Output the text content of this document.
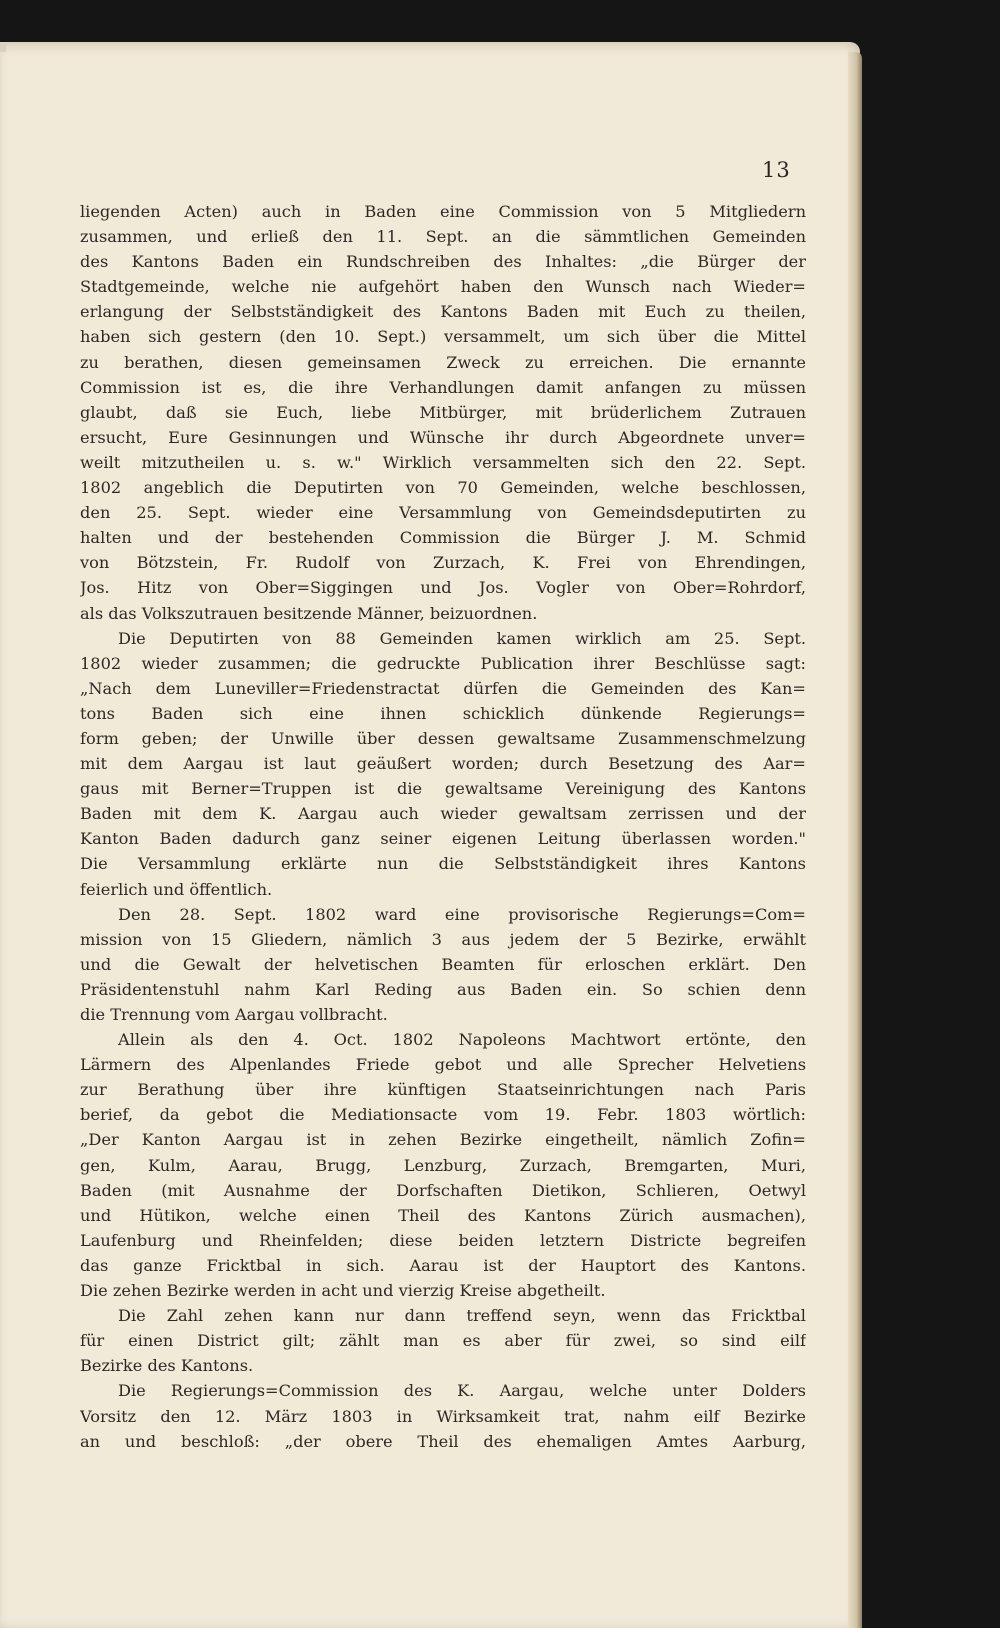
13
liegenden Acten) auch in Baden eine Commission von 5 Mitgliedern
zusammen, und erließ den 11. Sept. an die sämmtlichen Gemeinden
des Kantons Baden ein Rundschreiben des Inhaltes: „die Bürger der
Stadtgemeinde, welche nie aufgehört haben den Wunsch nach Wieder=
erlangung der Selbstständigkeit des Kantons Baden mit Euch zu theilen,
haben sich gestern (den 10. Sept.) versammelt, um sich über die Mittel
zu berathen, diesen gemeinsamen Zweck zu erreichen. Die ernannte
Commission ist es, die ihre Verhandlungen damit anfangen zu müssen
glaubt, daß sie Euch, liebe Mitbürger, mit brüderlichem Zutrauen
ersucht, Eure Gesinnungen und Wünsche ihr durch Abgeordnete unver=
weilt mitzutheilen u. s. w." Wirklich versammelten sich den 22. Sept.
1802 angeblich die Deputirten von 70 Gemeinden, welche beschlossen,
den 25. Sept. wieder eine Versammlung von Gemeindsdeputirten zu
halten und der bestehenden Commission die Bürger J. M. Schmid
von Bötzstein, Fr. Rudolf von Zurzach, K. Frei von Ehrendingen,
Jos. Hitz von Ober=Siggingen und Jos. Vogler von Ober=Rohrdorf,
als das Volkszutrauen besitzende Männer, beizuordnen.
Die Deputirten von 88 Gemeinden kamen wirklich am 25. Sept.
1802 wieder zusammen; die gedruckte Publication ihrer Beschlüsse sagt:
„Nach dem Luneviller=Friedenstractat dürfen die Gemeinden des Kan=
tons Baden sich eine ihnen schicklich dünkende Regierungs=
form geben; der Unwille über dessen gewaltsame Zusammenschmelzung
mit dem Aargau ist laut geäußert worden; durch Besetzung des Aar=
gaus mit Berner=Truppen ist die gewaltsame Vereinigung des Kantons
Baden mit dem K. Aargau auch wieder gewaltsam zerrissen und der
Kanton Baden dadurch ganz seiner eigenen Leitung überlassen worden."
Die Versammlung erklärte nun die Selbstständigkeit ihres Kantons
feierlich und öffentlich.
Den 28. Sept. 1802 ward eine provisorische Regierungs=Com=
mission von 15 Gliedern, nämlich 3 aus jedem der 5 Bezirke, erwählt
und die Gewalt der helvetischen Beamten für erloschen erklärt. Den
Präsidentenstuhl nahm Karl Reding aus Baden ein. So schien denn
die Trennung vom Aargau vollbracht.
Allein als den 4. Oct. 1802 Napoleons Machtwort ertönte, den
Lärmern des Alpenlandes Friede gebot und alle Sprecher Helvetiens
zur Berathung über ihre künftigen Staatseinrichtungen nach Paris
berief, da gebot die Mediationsacte vom 19. Febr. 1803 wörtlich:
„Der Kanton Aargau ist in zehen Bezirke eingetheilt, nämlich Zofin=
gen, Kulm, Aarau, Brugg, Lenzburg, Zurzach, Bremgarten, Muri,
Baden (mit Ausnahme der Dorfschaften Dietikon, Schlieren, Oetwyl
und Hütikon, welche einen Theil des Kantons Zürich ausmachen),
Laufenburg und Rheinfelden; diese beiden letztern Districte begreifen
das ganze Fricktbal in sich. Aarau ist der Hauptort des Kantons.
Die zehen Bezirke werden in acht und vierzig Kreise abgetheilt.
Die Zahl zehen kann nur dann treffend seyn, wenn das Fricktbal
für einen District gilt; zählt man es aber für zwei, so sind eilf
Bezirke des Kantons.
Die Regierungs=Commission des K. Aargau, welche unter Dolders
Vorsitz den 12. März 1803 in Wirksamkeit trat, nahm eilf Bezirke
an und beschloß: „der obere Theil des ehemaligen Amtes Aarburg,
